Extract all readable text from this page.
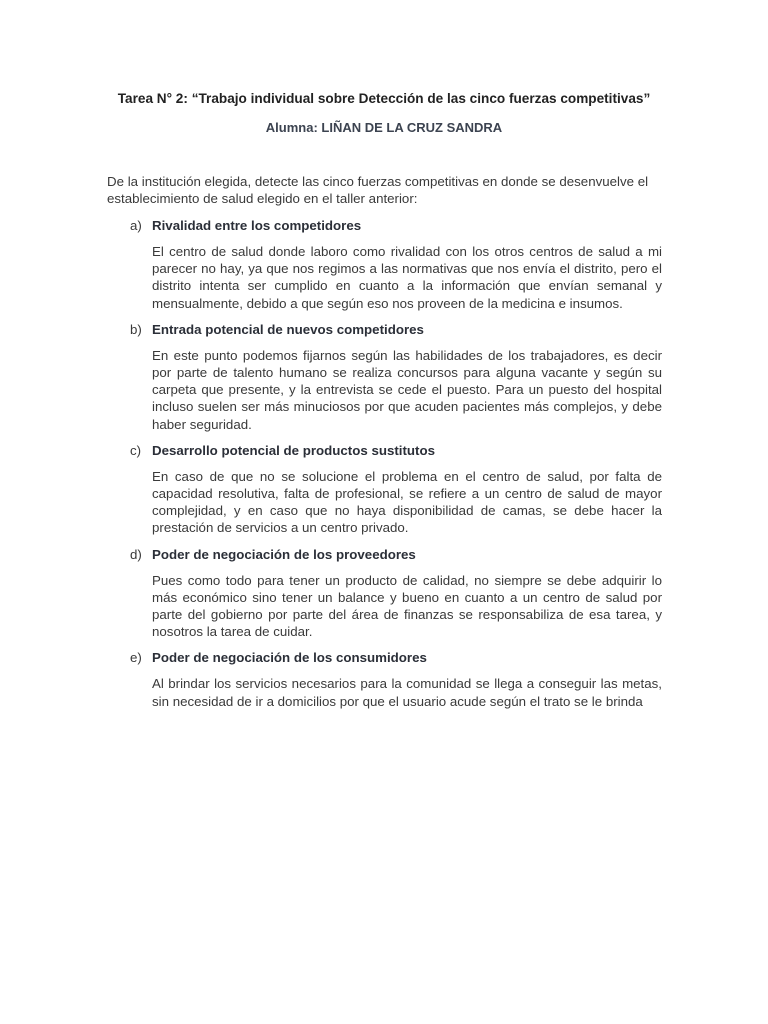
Tarea N° 2: “Trabajo individual sobre Detección de las cinco fuerzas competitivas”
Alumna: LIÑAN DE LA CRUZ SANDRA
De la institución elegida, detecte las cinco fuerzas competitivas en donde se desenvuelve el establecimiento de salud elegido en el taller anterior:
a) Rivalidad entre los competidores
El centro de salud donde laboro como rivalidad con los otros centros de salud a mi parecer no hay, ya que nos regimos a las normativas que nos envía el distrito, pero el distrito intenta ser cumplido en cuanto a la información que envían semanal y mensualmente, debido a que según eso nos proveen de la medicina e insumos.
b) Entrada potencial de nuevos competidores
En este punto podemos fijarnos según las habilidades de los trabajadores, es decir por parte de talento humano se realiza concursos para alguna vacante y según su carpeta que presente, y la entrevista se cede el puesto. Para un puesto del hospital incluso suelen ser más minuciosos por que acuden pacientes más complejos, y debe haber seguridad.
c) Desarrollo potencial de productos sustitutos
En caso de que no se solucione el problema en el centro de salud, por falta de capacidad resolutiva, falta de profesional, se refiere a un centro de salud de mayor complejidad, y en caso que no haya disponibilidad de camas, se debe hacer la prestación de servicios a un centro privado.
d) Poder de negociación de los proveedores
Pues como todo para tener un producto de calidad, no siempre se debe adquirir lo más económico sino tener un balance y bueno en cuanto a un centro de salud por parte del gobierno por parte del área de finanzas se responsabiliza de esa tarea, y nosotros la tarea de cuidar.
e) Poder de negociación de los consumidores
Al brindar los servicios necesarios para la comunidad se llega a conseguir las metas, sin necesidad de ir a domicilios por que el usuario acude según el trato se le brinda
